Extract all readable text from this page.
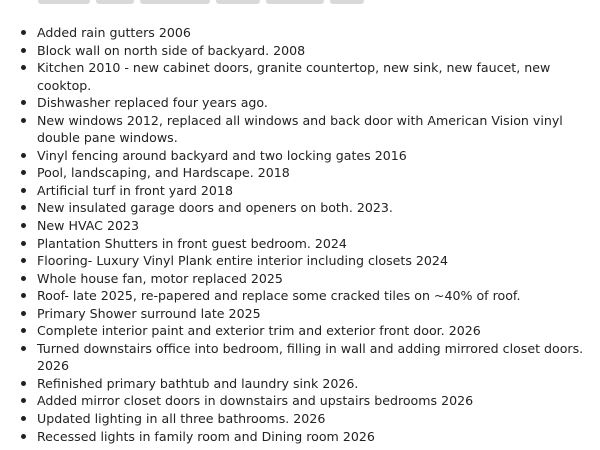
Added rain gutters 2006
Block wall on north side of backyard. 2008
Kitchen 2010 - new cabinet doors, granite countertop, new sink, new faucet, new cooktop.
Dishwasher replaced four years ago.
New windows 2012, replaced all windows and back door with American Vision vinyl double pane windows.
Vinyl fencing around backyard and two locking gates 2016
Pool, landscaping, and Hardscape. 2018
Artificial turf in front yard 2018
New insulated garage doors and openers on both. 2023.
New HVAC 2023
Plantation Shutters in front guest bedroom. 2024
Flooring- Luxury Vinyl Plank entire interior including closets 2024
Whole house fan, motor replaced 2025
Roof- late 2025, re-papered and replace some cracked tiles on ~40% of roof.
Primary Shower surround late 2025
Complete interior paint and exterior trim and exterior front door. 2026
Turned downstairs office into bedroom, filling in wall and adding mirrored closet doors. 2026
Refinished primary bathtub and laundry sink 2026.
Added mirror closet doors in downstairs and upstairs bedrooms 2026
Updated lighting in all three bathrooms. 2026
Recessed lights in family room and Dining room 2026
